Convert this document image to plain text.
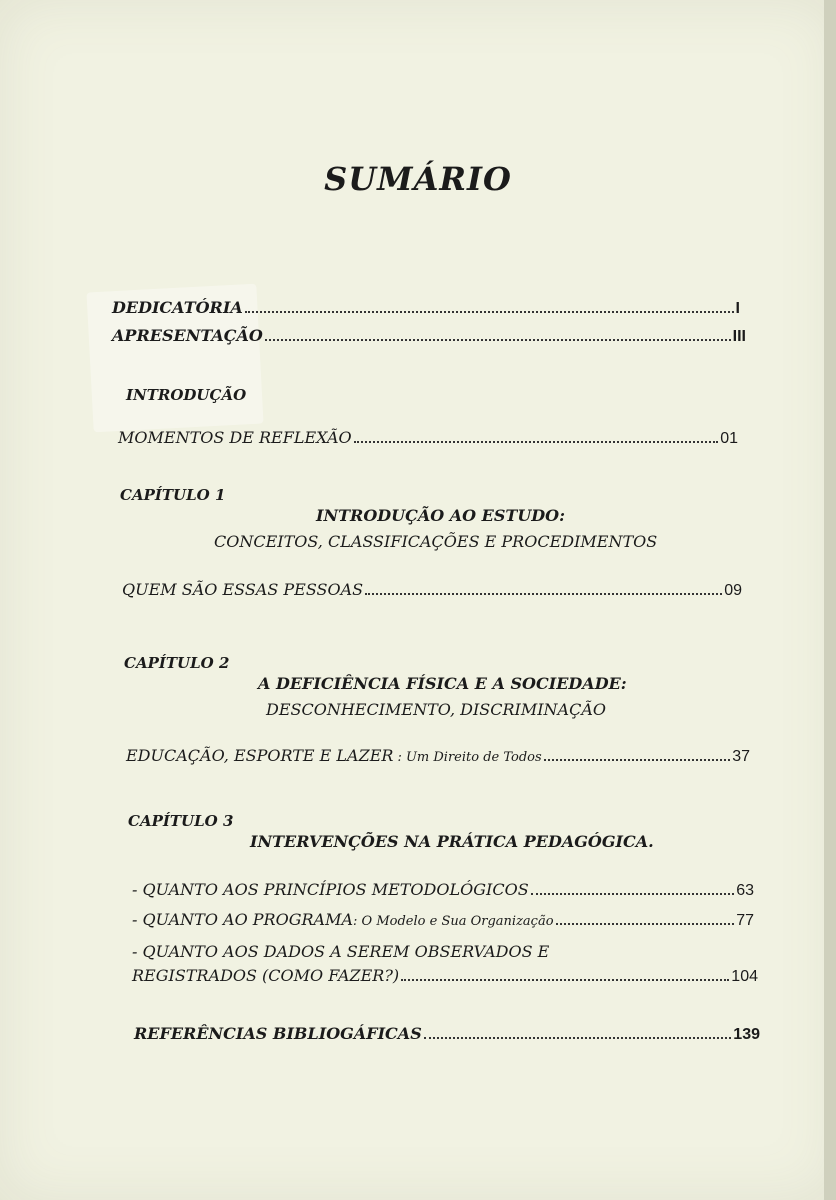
SUMÁRIO
DEDICATÓRIA	I
APRESENTAÇÃO	III
INTRODUÇÃO
MOMENTOS DE REFLEXÃO	01
CAPÍTULO 1
INTRODUÇÃO AO ESTUDO:
CONCEITOS, CLASSIFICAÇÕES E PROCEDIMENTOS
QUEM SÃO ESSAS PESSOAS	09
CAPÍTULO 2
A DEFICIÊNCIA FÍSICA E A SOCIEDADE:
DESCONHECIMENTO, DISCRIMINAÇÃO
EDUCAÇÃO, ESPORTE E LAZER : Um Direito de Todos	37
CAPÍTULO 3
INTERVENÇÕES NA PRÁTICA PEDAGÓGICA.
- QUANTO AOS PRINCÍPIOS METODOLÓGICOS	63
- QUANTO AO PROGRAMA : O Modelo e Sua Organização	77
- QUANTO AOS DADOS A SEREM OBSERVADOS E
REGISTRADOS (COMO FAZER?)	104
REFERÊNCIAS BIBLIOGÁFICAS	139
